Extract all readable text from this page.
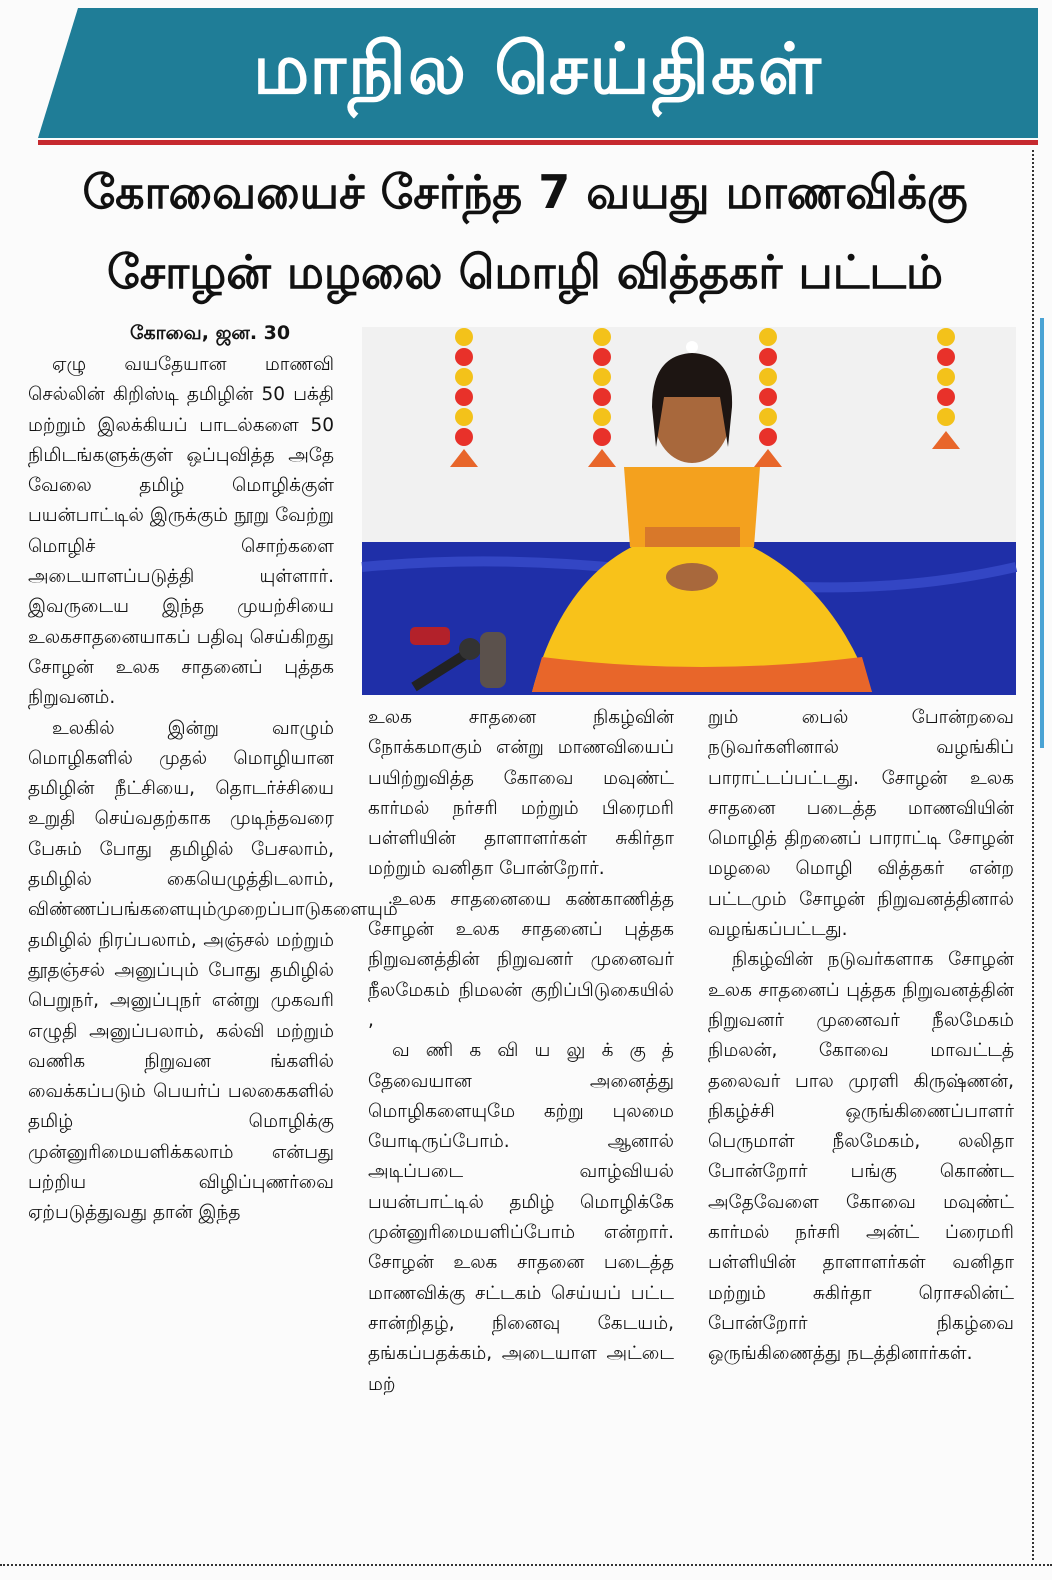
மாநில செய்திகள்
கோவையைச் சேர்ந்த 7 வயது மாணவிக்கு
சோழன் மழலை மொழி வித்தகர் பட்டம்
கோவை, ஜன. 30

ஏழு வயதேயான மாணவி செல்லின் கிறிஸ்டி தமிழின் 50 பக்தி மற்றும் இலக்கியப் பாடல்களை 50 நிமிடங்களுக்குள் ஒப்புவித்த அதே வேலை தமிழ் மொழிக்குள் பயன்பாட்டில் இருக்கும் நூறு வேற்று மொழிச் சொற்களை அடையாளப்படுத்தி யுள்ளார். இவருடைய இந்த முயற்சியை உலகசாதனையாகப் பதிவு செய்கிறது சோழன் உலக சாதனைப் புத்தக நிறுவனம்.

உலகில் இன்று வாழும் மொழிகளில் முதல் மொழியான தமிழின் நீட்சியை, தொடர்ச்சியை உறுதி செய்வதற்காக முடிந்தவரை பேசும் போது தமிழில் பேசலாம், தமிழில் கையெழுத்திடலாம், விண்ணப்பங்களையும்முறைப்பாடுகளையும் தமிழில் நிரப்பலாம், அஞ்சல் மற்றும் தூதஞ்சல் அனுப்பும் போது தமிழில் பெறுநர், அனுப்புநர் என்று முகவரி எழுதி அனுப்பலாம், கல்வி மற்றும் வணிக நிறுவன ங்களில் வைக்கப்படும் பெயர்ப் பலகைகளில் தமிழ் மொழிக்கு முன்னுரிமையளிக்கலாம் என்பது பற்றிய விழிப்புணர்வை ஏற்படுத்துவது தான் இந்த

உலக சாதனை நிகழ்வின் நோக்கமாகும் என்று மாணவியைப் பயிற்றுவித்த கோவை மவுண்ட் கார்மல் நர்சரி மற்றும் பிரைமரி பள்ளியின் தாளாளர்கள் சுகிர்தா மற்றும் வனிதா போன்றோர்.

உலக சாதனையை கண்காணித்த சோழன் உலக சாதனைப் புத்தக நிறுவனத்தின் நிறுவனர் முனைவர் நீலமேகம் நிமலன் குறிப்பிடுகையில் ,

வ ணி க வி ய லு க் கு த் தேவையான அனைத்து மொழிகளையுமே கற்று புலமை யோடிருப்போம். ஆனால் அடிப்படை வாழ்வியல் பயன்பாட்டில் தமிழ் மொழிக்கே முன்னுரிமையளிப்போம் என்றார். சோழன் உலக சாதனை படைத்த மாணவிக்கு சட்டகம் செய்யப் பட்ட சான்றிதழ், நினைவு கேடயம், தங்கப்பதக்கம், அடையாள அட்டை மற்

றும் பைல் போன்றவை நடுவர்களினால் வழங்கிப் பாராட்டப்பட்டது. சோழன் உலக சாதனை படைத்த மாணவியின் மொழித் திறனைப் பாராட்டி சோழன் மழலை மொழி வித்தகர் என்ற பட்டமும் சோழன் நிறுவனத்தினால் வழங்கப்பட்டது.

நிகழ்வின் நடுவர்களாக சோழன் உலக சாதனைப் புத்தக நிறுவனத்தின் நிறுவனர் முனைவர் நீலமேகம் நிமலன், கோவை மாவட்டத் தலைவர் பால முரளி கிருஷ்ணன், நிகழ்ச்சி ஒருங்கிணைப்பாளர் பெருமாள் நீலமேகம், லலிதா போன்றோர் பங்கு கொண்ட அதேவேளை கோவை மவுண்ட் கார்மல் நர்சரி அன்ட் ப்ரைமரி பள்ளியின் தாளாளர்கள் வனிதா மற்றும் சுகிர்தா ரொசலின்ட் போன்றோர் நிகழ்வை ஒருங்கிணைத்து நடத்தினார்கள்.
